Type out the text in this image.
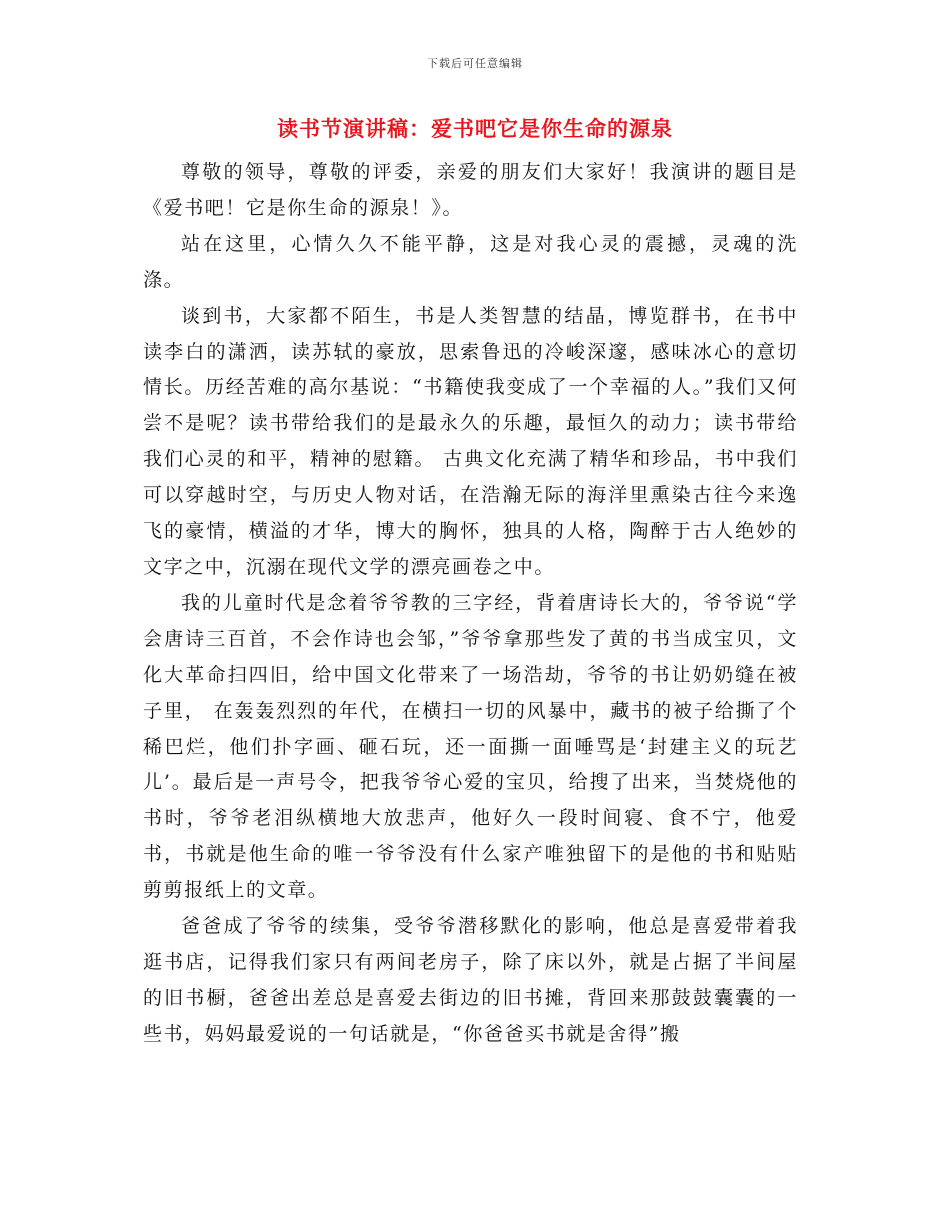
下载后可任意编辑
读书节演讲稿：爱书吧它是你生命的源泉

尊敬的领导，尊敬的评委，亲爱的朋友们大家好！我演讲的题目是《爱书吧！它是你生命的源泉！》。

站在这里，心情久久不能平静，这是对我心灵的震撼，灵魂的洗涤。

谈到书，大家都不陌生，书是人类智慧的结晶，博览群书，在书中读李白的潇洒，读苏轼的豪放，思索鲁迅的冷峻深邃，感味冰心的意切情长。历经苦难的高尔基说：“书籍使我变成了一个幸福的人。”我们又何尝不是呢？读书带给我们的是最永久的乐趣，最恒久的动力；读书带给我们心灵的和平，精神的慰籍。 古典文化充满了精华和珍品，书中我们可以穿越时空，与历史人物对话，在浩瀚无际的海洋里熏染古往今来逸飞的豪情，横溢的才华，博大的胸怀，独具的人格，陶醉于古人绝妙的文字之中，沉溺在现代文学的漂亮画卷之中。

我的儿童时代是念着爷爷教的三字经，背着唐诗长大的，爷爷说“学会唐诗三百首，不会作诗也会邹，”爷爷拿那些发了黄的书当成宝贝，文化大革命扫四旧，给中国文化带来了一场浩劫，爷爷的书让奶奶缝在被子里， 在轰轰烈烈的年代，在横扫一切的风暴中，藏书的被子给撕了个稀巴烂，他们扑字画、砸石玩，还一面撕一面唾骂是‘封建主义的玩艺儿’。最后是一声号令，把我爷爷心爱的宝贝，给搜了出来，当焚烧他的书时，爷爷老泪纵横地大放悲声，他好久一段时间寝、食不宁，他爱书，书就是他生命的唯一爷爷没有什么家产唯独留下的是他的书和贴贴剪剪报纸上的文章。

爸爸成了爷爷的续集，受爷爷潜移默化的影响，他总是喜爱带着我逛书店，记得我们家只有两间老房子，除了床以外，就是占据了半间屋的旧书橱，爸爸出差总是喜爱去街边的旧书摊，背回来那鼓鼓囊囊的一些书，妈妈最爱说的一句话就是，“你爸爸买书就是舍得”搬
